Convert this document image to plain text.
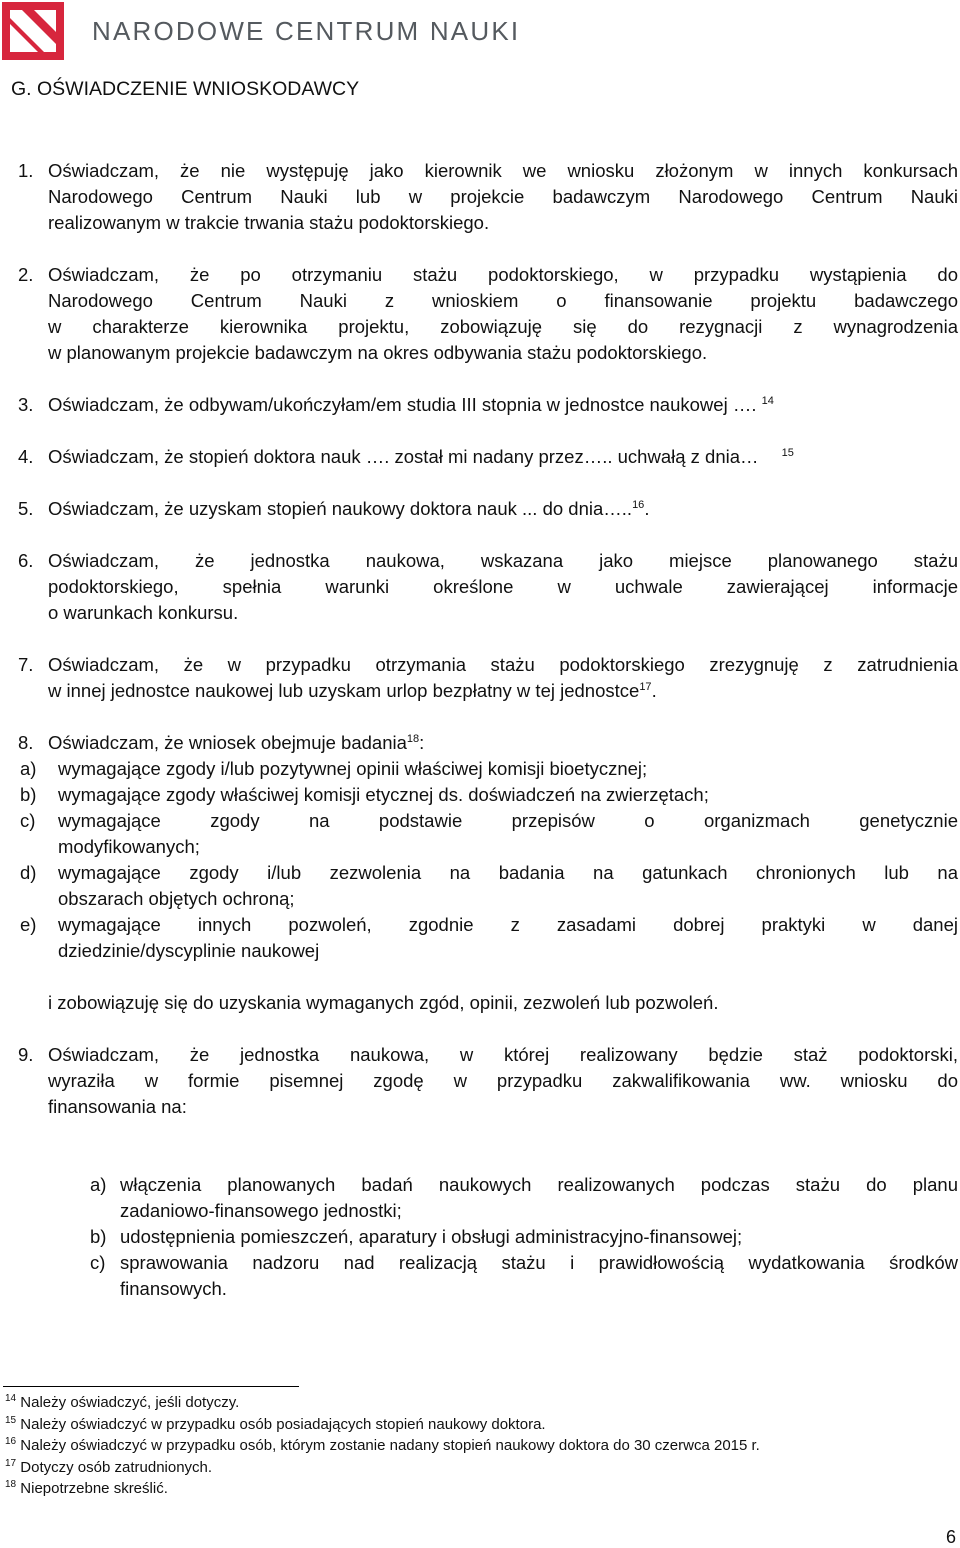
NARODOWE CENTRUM NAUKI
G. OŚWIADCZENIE WNIOSKODAWCY
1. Oświadczam, że nie występuję jako kierownik we wniosku złożonym w innych konkursach
Narodowego Centrum Nauki lub w projekcie badawczym Narodowego Centrum Nauki
realizowanym w trakcie trwania stażu podoktorskiego.
2. Oświadczam, że po otrzymaniu stażu podoktorskiego, w przypadku wystąpienia do
Narodowego Centrum Nauki z wnioskiem o finansowanie projektu badawczego
w charakterze kierownika projektu, zobowiązuję się do rezygnacji z wynagrodzenia
w planowanym projekcie badawczym na okres odbywania stażu podoktorskiego.
3. Oświadczam, że odbywam/ukończyłam/em studia III stopnia w jednostce naukowej …. $^{14}$
4. Oświadczam, że stopień doktora nauk …. został mi nadany przez….. uchwałą z dnia… $^{15}$
5. Oświadczam, że uzyskam stopień naukowy doktora nauk ... do dnia…..$^{16}$.
6. Oświadczam, że jednostka naukowa, wskazana jako miejsce planowanego stażu
podoktorskiego, spełnia warunki określone w uchwale zawierającej informacje
o warunkach konkursu.
7. Oświadczam, że w przypadku otrzymania stażu podoktorskiego zrezygnuję z zatrudnienia
w innej jednostce naukowej lub uzyskam urlop bezpłatny w tej jednostce$^{17}$.
8. Oświadczam, że wniosek obejmuje badania$^{18}$:
a) wymagające zgody i/lub pozytywnej opinii właściwej komisji bioetycznej;
b) wymagające zgody właściwej komisji etycznej ds. doświadczeń na zwierzętach;
c) wymagające zgody na podstawie przepisów o organizmach genetycznie
modyfikowanych;
d) wymagające zgody i/lub zezwolenia na badania na gatunkach chronionych lub na
obszarach objętych ochroną;
e) wymagające innych pozwoleń, zgodnie z zasadami dobrej praktyki w danej
dziedzinie/dyscyplinie naukowej
i zobowiązuję się do uzyskania wymaganych zgód, opinii, zezwoleń lub pozwoleń.
9. Oświadczam, że jednostka naukowa, w której realizowany będzie staż podoktorski,
wyraziła w formie pisemnej zgodę w przypadku zakwalifikowania ww. wniosku do
finansowania na:
a) włączenia planowanych badań naukowych realizowanych podczas stażu do planu
zadaniowo-finansowego jednostki;
b) udostępnienia pomieszczeń, aparatury i obsługi administracyjno-finansowej;
c) sprawowania nadzoru nad realizacją stażu i prawidłowością wydatkowania środków
finansowych.

$^{14}$ Należy oświadczyć, jeśli dotyczy.

$^{15}$ Należy oświadczyć w przypadku osób posiadających stopień naukowy doktora.

$^{16}$ Należy oświadczyć w przypadku osób, którym zostanie nadany stopień naukowy doktora do 30 czerwca 2015 r.

$^{17}$ Dotyczy osób zatrudnionych.

$^{18}$ Niepotrzebne skreślić.

6
